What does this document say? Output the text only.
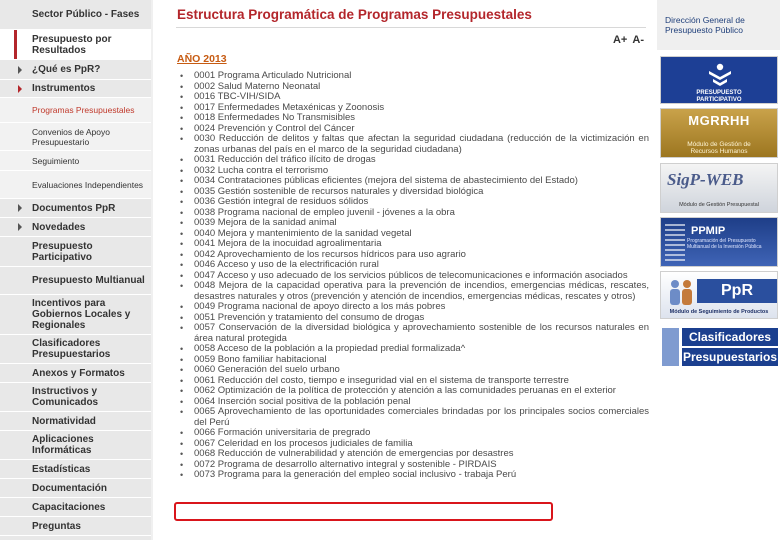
Sector Público - Fases
Presupuesto por Resultados
¿Qué es PpR?
Instrumentos
Programas Presupuestales
Convenios de Apoyo Presupuestario
Seguimiento
Evaluaciones Independientes
Documentos PpR
Novedades
Presupuesto Participativo
Presupuesto Multianual
Incentivos para Gobiernos Locales y Regionales
Clasificadores Presupuestarios
Anexos y Formatos
Instructivos y Comunicados
Normatividad
Aplicaciones Informáticas
Estadísticas
Documentación
Capacitaciones
Preguntas
Estructura Programática de Programas Presupuestales
A+ A-
AÑO 2013
• 0001 Programa Articulado Nutricional
• 0002 Salud Materno Neonatal
• 0016 TBC-VIH/SIDA
• 0017 Enfermedades Metaxénicas y Zoonosis
• 0018 Enfermedades No Transmisibles
• 0024 Prevención y Control del Cáncer
• 0030 Reducción de delitos y faltas que afectan la seguridad ciudadana (reducción de la victimización en zonas urbanas del país en el marco de la seguridad ciudadana)
• 0031 Reducción del tráfico ilícito de drogas
• 0032 Lucha contra el terrorismo
• 0034 Contrataciones públicas eficientes (mejora del sistema de abastecimiento del Estado)
• 0035 Gestión sostenible de recursos naturales y diversidad biológica
• 0036 Gestión integral de residuos sólidos
• 0038 Programa nacional de empleo juvenil - jóvenes a la obra
• 0039 Mejora de la sanidad animal
• 0040 Mejora y mantenimiento de la sanidad vegetal
• 0041 Mejora de la inocuidad agroalimentaria
• 0042 Aprovechamiento de los recursos hídricos para uso agrario
• 0046 Acceso y uso de la electrificación rural
• 0047 Acceso y uso adecuado de los servicios públicos de telecomunicaciones e información asociados
• 0048 Mejora de la capacidad operativa para la prevención de incendios, emergencias médicas, rescates, desastres naturales y otros (prevención y atención de incendios, emergencias médicas, rescates y otros)
• 0049 Programa nacional de apoyo directo a los más pobres
• 0051 Prevención y tratamiento del consumo de drogas
• 0057 Conservación de la diversidad biológica y aprovechamiento sostenible de los recursos naturales en área natural protegida
• 0058 Acceso de la población a la propiedad predial formalizada^
• 0059 Bono familiar habitacional
• 0060 Generación del suelo urbano
• 0061 Reducción del costo, tiempo e inseguridad vial en el sistema de transporte terrestre
• 0062 Optimización de la política de protección y atención a las comunidades peruanas en el exterior
• 0064 Inserción social positiva de la población penal
• 0065 Aprovechamiento de las oportunidades comerciales brindadas por los principales socios comerciales del Perú
• 0066 Formación universitaria de pregrado
• 0067 Celeridad en los procesos judiciales de familia
• 0068 Reducción de vulnerabilidad y atención de emergencias por desastres
• 0072 Programa de desarrollo alternativo integral y sostenible - PIRDAIS
• 0073 Programa para la generación del empleo social inclusivo - trabaja Perú
Dirección General de
Presupuesto Público
PRESUPUESTO
PARTICIPATIVO
MGRRHH
Módulo de Gestión de
Recursos Humanos
SigP-WEB
Módulo de Gestión Presupuestal
PPMIP
Programación del Presupuesto Multianual de la Inversión Pública
PpR
Módulo de Seguimiento de Productos
Clasificadores
Presupuestarios
